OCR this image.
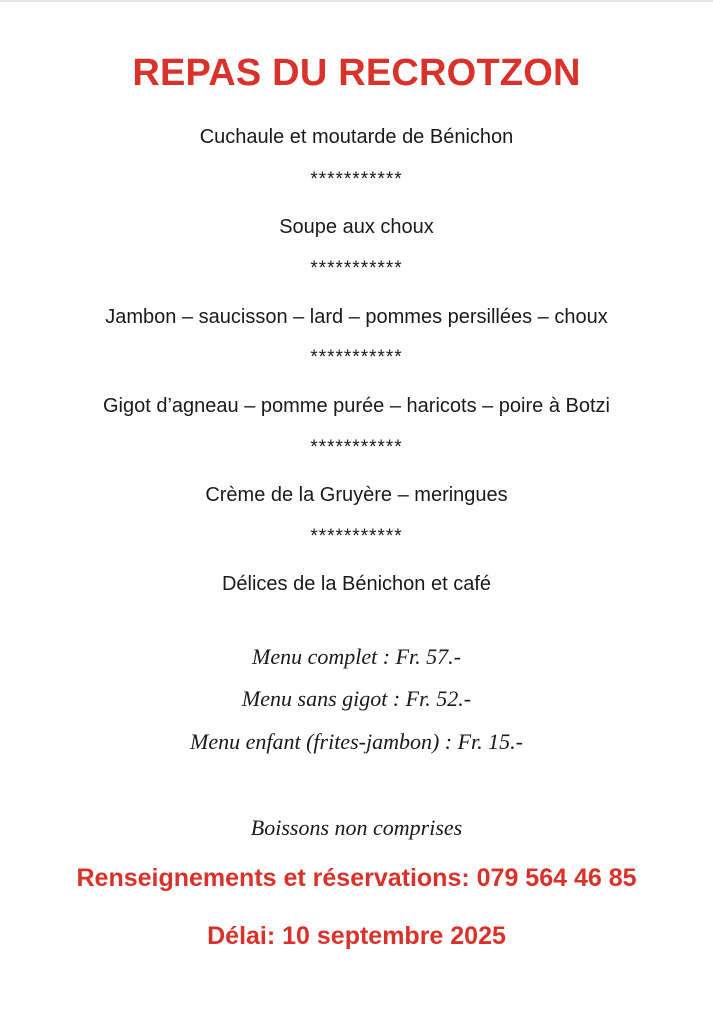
REPAS DU RECROTZON
Cuchaule et moutarde de Bénichon
***********
Soupe aux choux
***********
Jambon – saucisson – lard – pommes persillées – choux
***********
Gigot d’agneau – pomme purée – haricots – poire à Botzi
***********
Crème de la Gruyère – meringues
***********
Délices de la Bénichon et café
Menu complet : Fr. 57.-
Menu sans gigot : Fr. 52.-
Menu enfant (frites-jambon) : Fr. 15.-
Boissons non comprises
Renseignements et réservations: 079 564 46 85
Délai: 10 septembre 2025
